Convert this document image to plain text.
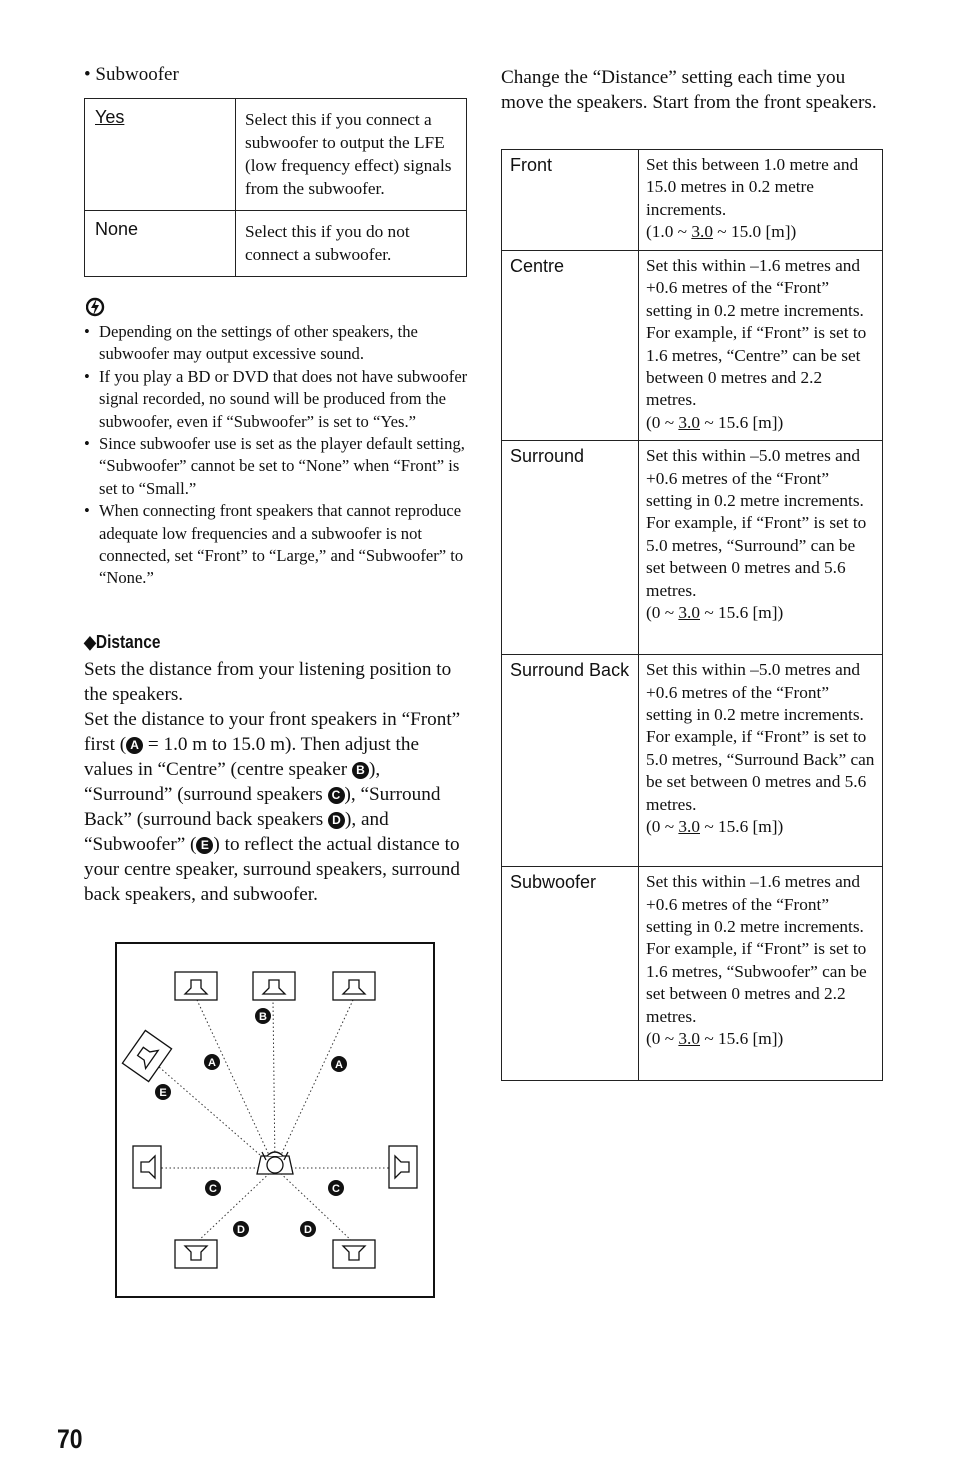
• Subwoofer
Yes	Select this if you connect a subwoofer to output the LFE (low frequency effect) signals from the subwoofer.
None	Select this if you do not connect a subwoofer.
• Depending on the settings of other speakers, the subwoofer may output excessive sound.
• If you play a BD or DVD that does not have subwoofer signal recorded, no sound will be produced from the subwoofer, even if “Subwoofer” is set to “Yes.”
• Since subwoofer use is set as the player default setting, “Subwoofer” cannot be set to “None” when “Front” is set to “Small.”
• When connecting front speakers that cannot reproduce adequate low frequencies and a subwoofer is not connected, set “Front” to “Large,” and “Subwoofer” to “None.”
◆Distance
Sets the distance from your listening position to the speakers.
Set the distance to your front speakers in “Front” first ( A = 1.0 m to 15.0 m). Then adjust the values in “Centre” (centre speaker B ), “Surround” (surround speakers C ), “Surround Back” (surround back speakers D ), and “Subwoofer” ( E ) to reflect the actual distance to your centre speaker, surround speakers, surround back speakers, and subwoofer.
B
A	A
E
C	C
D	D
Change the “Distance” setting each time you move the speakers. Start from the front speakers.
Front	Set this between 1.0 metre and 15.0 metres in 0.2 metre increments.
(1.0 ~ 3.0 ~ 15.0 [m])
Centre	Set this within –1.6 metres and +0.6 metres of the “Front” setting in 0.2 metre increments. For example, if “Front” is set to 1.6 metres, “Centre” can be set between 0 metres and 2.2 metres.
(0 ~ 3.0 ~ 15.6 [m])
Surround	Set this within –5.0 metres and +0.6 metres of the “Front” setting in 0.2 metre increments. For example, if “Front” is set to 5.0 metres, “Surround” can be set between 0 metres and 5.6 metres.
(0 ~ 3.0 ~ 15.6 [m])
Surround Back	Set this within –5.0 metres and +0.6 metres of the “Front” setting in 0.2 metre increments. For example, if “Front” is set to 5.0 metres, “Surround Back” can be set between 0 metres and 5.6 metres.
(0 ~ 3.0 ~ 15.6 [m])
Subwoofer	Set this within –1.6 metres and +0.6 metres of the “Front” setting in 0.2 metre increments. For example, if “Front” is set to 1.6 metres, “Subwoofer” can be set between 0 metres and 2.2 metres.
(0 ~ 3.0 ~ 15.6 [m])
70
